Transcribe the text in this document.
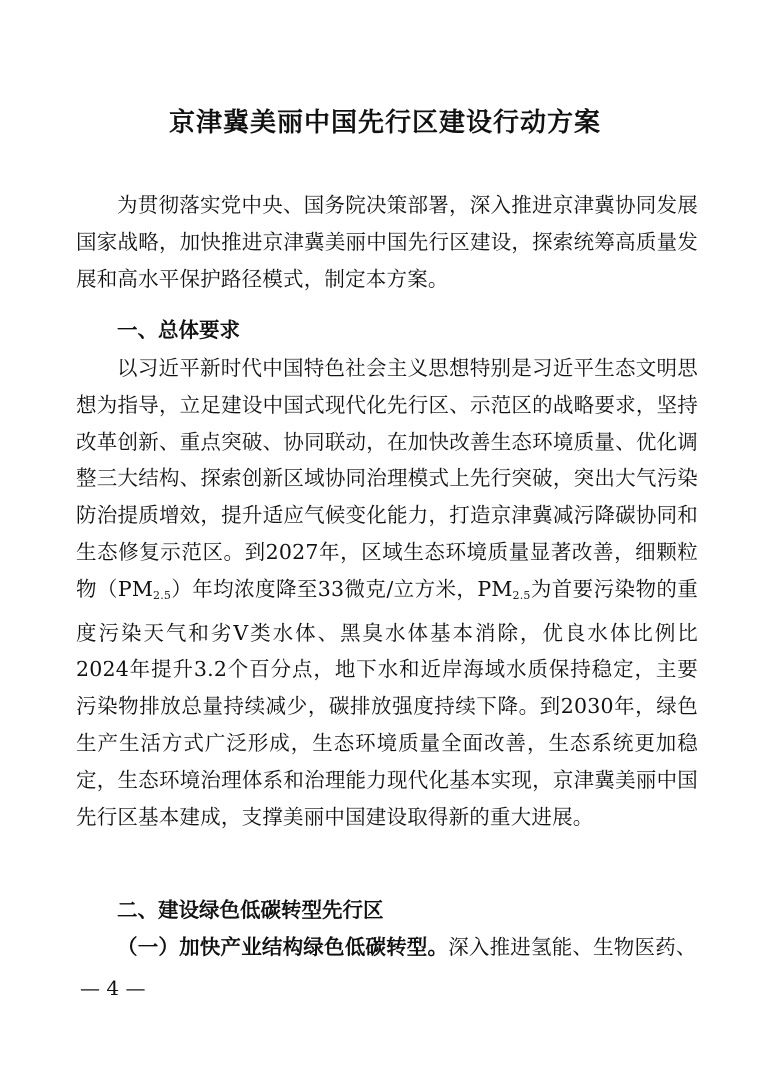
京津冀美丽中国先行区建设行动方案
为贯彻落实党中央、国务院决策部署，深入推进京津冀协同发展国家战略，加快推进京津冀美丽中国先行区建设，探索统筹高质量发展和高水平保护路径模式，制定本方案。
一、总体要求
以习近平新时代中国特色社会主义思想特别是习近平生态文明思想为指导，立足建设中国式现代化先行区、示范区的战略要求，坚持改革创新、重点突破、协同联动，在加快改善生态环境质量、优化调整三大结构、探索创新区域协同治理模式上先行突破，突出大气污染防治提质增效，提升适应气候变化能力，打造京津冀减污降碳协同和生态修复示范区。到2027年，区域生态环境质量显著改善，细颗粒物$(PM_{2.5})$年均浓度降至33微克/立方米，$PM_{2.5}$为首要污染物的重度污染天气和劣Ⅴ类水体、黑臭水体基本消除，优良水体比例比2024年提升3.2个百分点，地下水和近岸海域水质保持稳定，主要污染物排放总量持续减少，碳排放强度持续下降。到2030年，绿色生产生活方式广泛形成，生态环境质量全面改善，生态系统更加稳定，生态环境治理体系和治理能力现代化基本实现，京津冀美丽中国先行区基本建成，支撑美丽中国建设取得新的重大进展。
二、建设绿色低碳转型先行区
（一）加快产业结构绿色低碳转型。深入推进氢能、生物医药、
— 4 —
